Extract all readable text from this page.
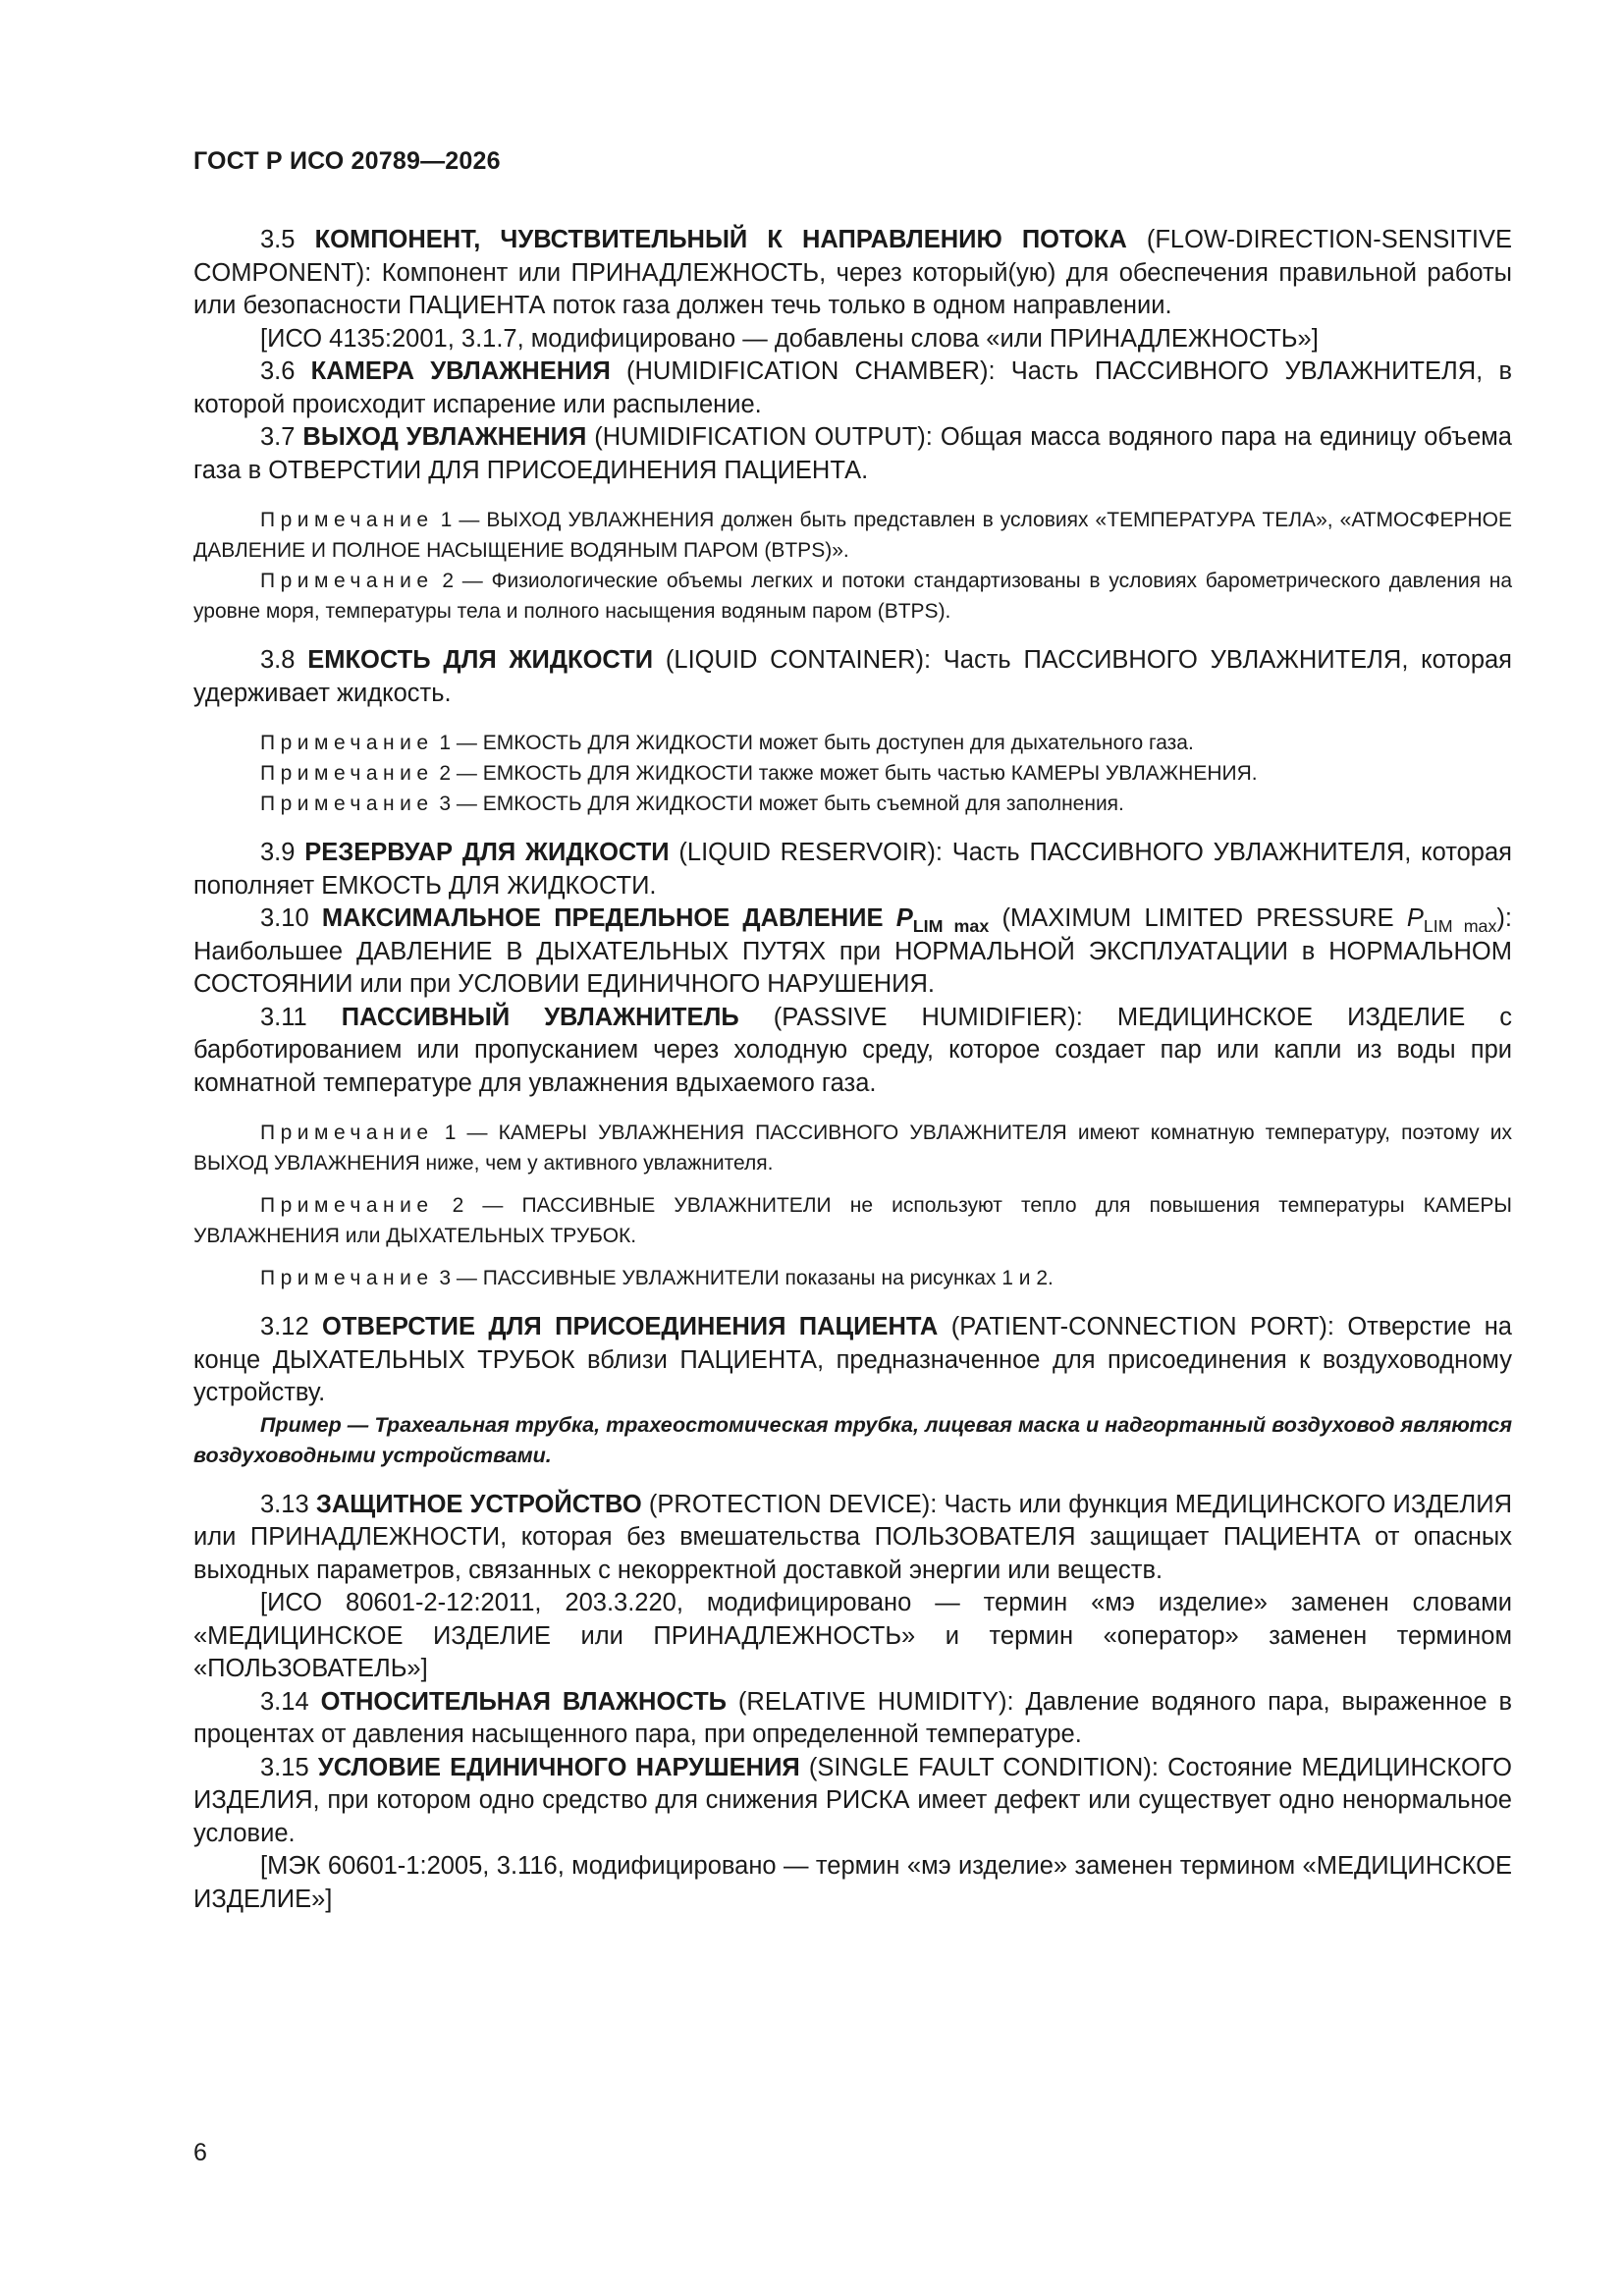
ГОСТ Р ИСО 20789—2026

3.5 КОМПОНЕНТ, ЧУВСТВИТЕЛЬНЫЙ К НАПРАВЛЕНИЮ ПОТОКА (FLOW-DIRECTION-SENSITIVE COMPONENT): Компонент или ПРИНАДЛЕЖНОСТЬ, через который(ую) для обеспечения правильной работы или безопасности ПАЦИЕНТА поток газа должен течь только в одном направлении.

[ИСО 4135:2001, 3.1.7, модифицировано — добавлены слова «или ПРИНАДЛЕЖНОСТЬ»]

3.6 КАМЕРА УВЛАЖНЕНИЯ (HUMIDIFICATION CHAMBER): Часть ПАССИВНОГО УВЛАЖНИТЕЛЯ, в которой происходит испарение или распыление.

3.7 ВЫХОД УВЛАЖНЕНИЯ (HUMIDIFICATION OUTPUT): Общая масса водяного пара на единицу объема газа в ОТВЕРСТИИ ДЛЯ ПРИСОЕДИНЕНИЯ ПАЦИЕНТА.

Примечание 1 — ВЫХОД УВЛАЖНЕНИЯ должен быть представлен в условиях «ТЕМПЕРАТУРА ТЕЛА», «АТМОСФЕРНОЕ ДАВЛЕНИЕ И ПОЛНОЕ НАСЫЩЕНИЕ ВОДЯНЫМ ПАРОМ (BTPS)».

Примечание 2 — Физиологические объемы легких и потоки стандартизованы в условиях барометрического давления на уровне моря, температуры тела и полного насыщения водяным паром (BTPS).

3.8 ЕМКОСТЬ ДЛЯ ЖИДКОСТИ (LIQUID CONTAINER): Часть ПАССИВНОГО УВЛАЖНИТЕЛЯ, которая удерживает жидкость.

Примечание 1 — ЕМКОСТЬ ДЛЯ ЖИДКОСТИ может быть доступен для дыхательного газа.

Примечание 2 — ЕМКОСТЬ ДЛЯ ЖИДКОСТИ также может быть частью КАМЕРЫ УВЛАЖНЕНИЯ.

Примечание 3 — ЕМКОСТЬ ДЛЯ ЖИДКОСТИ может быть съемной для заполнения.

3.9 РЕЗЕРВУАР ДЛЯ ЖИДКОСТИ (LIQUID RESERVOIR): Часть ПАССИВНОГО УВЛАЖНИТЕЛЯ, которая пополняет ЕМКОСТЬ ДЛЯ ЖИДКОСТИ.

3.10 МАКСИМАЛЬНОЕ ПРЕДЕЛЬНОЕ ДАВЛЕНИЕ $P_{LIM max}$ (MAXIMUM LIMITED PRESSURE $P_{LIM max}$): Наибольшее ДАВЛЕНИЕ В ДЫХАТЕЛЬНЫХ ПУТЯХ при НОРМАЛЬНОЙ ЭКСПЛУАТАЦИИ в НОРМАЛЬНОМ СОСТОЯНИИ или при УСЛОВИИ ЕДИНИЧНОГО НАРУШЕНИЯ.

3.11 ПАССИВНЫЙ УВЛАЖНИТЕЛЬ (PASSIVE HUMIDIFIER): МЕДИЦИНСКОЕ ИЗДЕЛИЕ с барботированием или пропусканием через холодную среду, которое создает пар или капли из воды при комнатной температуре для увлажнения вдыхаемого газа.

Примечание 1 — КАМЕРЫ УВЛАЖНЕНИЯ ПАССИВНОГО УВЛАЖНИТЕЛЯ имеют комнатную температуру, поэтому их ВЫХОД УВЛАЖНЕНИЯ ниже, чем у активного увлажнителя.

Примечание 2 — ПАССИВНЫЕ УВЛАЖНИТЕЛИ не используют тепло для повышения температуры КАМЕРЫ УВЛАЖНЕНИЯ или ДЫХАТЕЛЬНЫХ ТРУБОК.

Примечание 3 — ПАССИВНЫЕ УВЛАЖНИТЕЛИ показаны на рисунках 1 и 2.

3.12 ОТВЕРСТИЕ ДЛЯ ПРИСОЕДИНЕНИЯ ПАЦИЕНТА (PATIENT-CONNECTION PORT): Отверстие на конце ДЫХАТЕЛЬНЫХ ТРУБОК вблизи ПАЦИЕНТА, предназначенное для присоединения к воздуховодному устройству.

Пример — Трахеальная трубка, трахеостомическая трубка, лицевая маска и надгортанный воздуховод являются воздуховодными устройствами.

3.13 ЗАЩИТНОЕ УСТРОЙСТВО (PROTECTION DEVICE): Часть или функция МЕДИЦИНСКОГО ИЗДЕЛИЯ или ПРИНАДЛЕЖНОСТИ, которая без вмешательства ПОЛЬЗОВАТЕЛЯ защищает ПАЦИЕНТА от опасных выходных параметров, связанных с некорректной доставкой энергии или веществ.

[ИСО 80601-2-12:2011, 203.3.220, модифицировано — термин «мэ изделие» заменен словами «МЕДИЦИНСКОЕ ИЗДЕЛИЕ или ПРИНАДЛЕЖНОСТЬ» и термин «оператор» заменен термином «ПОЛЬЗОВАТЕЛЬ»]

3.14 ОТНОСИТЕЛЬНАЯ ВЛАЖНОСТЬ (RELATIVE HUMIDITY): Давление водяного пара, выраженное в процентах от давления насыщенного пара, при определенной температуре.

3.15 УСЛОВИЕ ЕДИНИЧНОГО НАРУШЕНИЯ (SINGLE FAULT CONDITION): Состояние МЕДИЦИНСКОГО ИЗДЕЛИЯ, при котором одно средство для снижения РИСКА имеет дефект или существует одно ненормальное условие.

[МЭК 60601-1:2005, 3.116, модифицировано — термин «мэ изделие» заменен термином «МЕДИЦИНСКОЕ ИЗДЕЛИЕ»]

6
